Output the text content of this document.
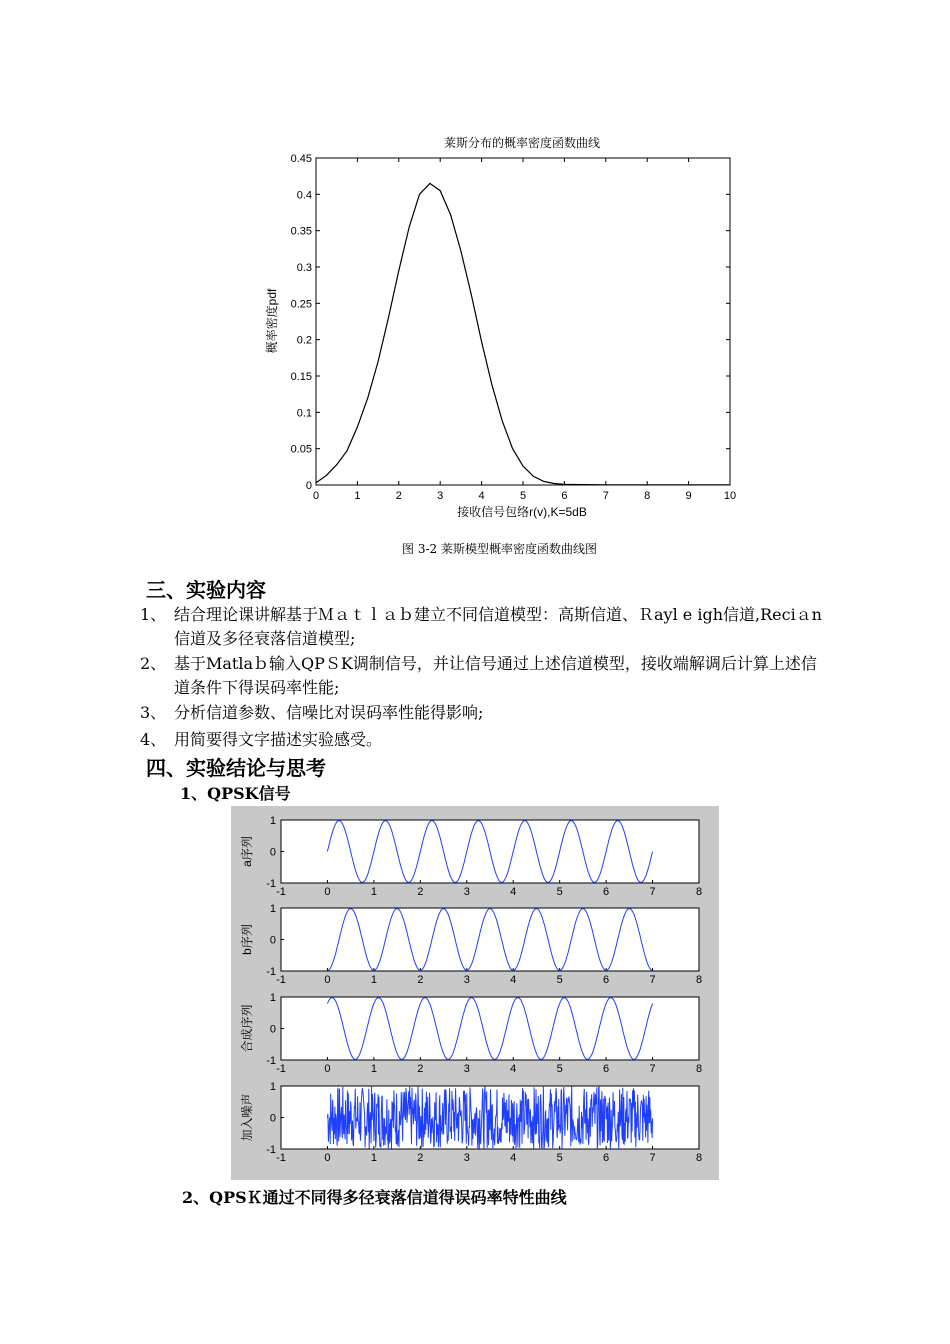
莱斯分布的概率密度函数曲线
0	1	2	3	4	5	6	7	8	9	10
0
0.05
0.1
0.15
0.2
0.25
0.3
0.35
0.4
0.45
接收信号包络r(v),K=5dB
概率密度pdf
图 3-2 莱斯模型概率密度函数曲线图
三、实验内容
1、 结合理论课讲解基于Ｍａｔｌａｂ建立不同信道模型：高斯信道、Ｒayl e igh信道,Reciａn信道及多径衰落信道模型;
2、 基于Matlaｂ输入QPＳK调制信号，并让信号通过上述信道模型，接收端解调后计算上述信道条件下得误码率性能;
3、 分析信道参数、信噪比对误码率性能得影响;
4、 用简要得文字描述实验感受。
四、实验结论与思考
1、QPSK信号
-1	0	1	2	3	4	5	6	7	8
-1
0
1
a序列
-1	0	1	2	3	4	5	6	7	8
-1
0
1
b序列
-1	0	1	2	3	4	5	6	7	8
-1
0
1
合成序列
-1	0	1	2	3	4	5	6	7	8
-1
0
1
加入噪声
2、QPSＫ通过不同得多径衰落信道得误码率特性曲线
